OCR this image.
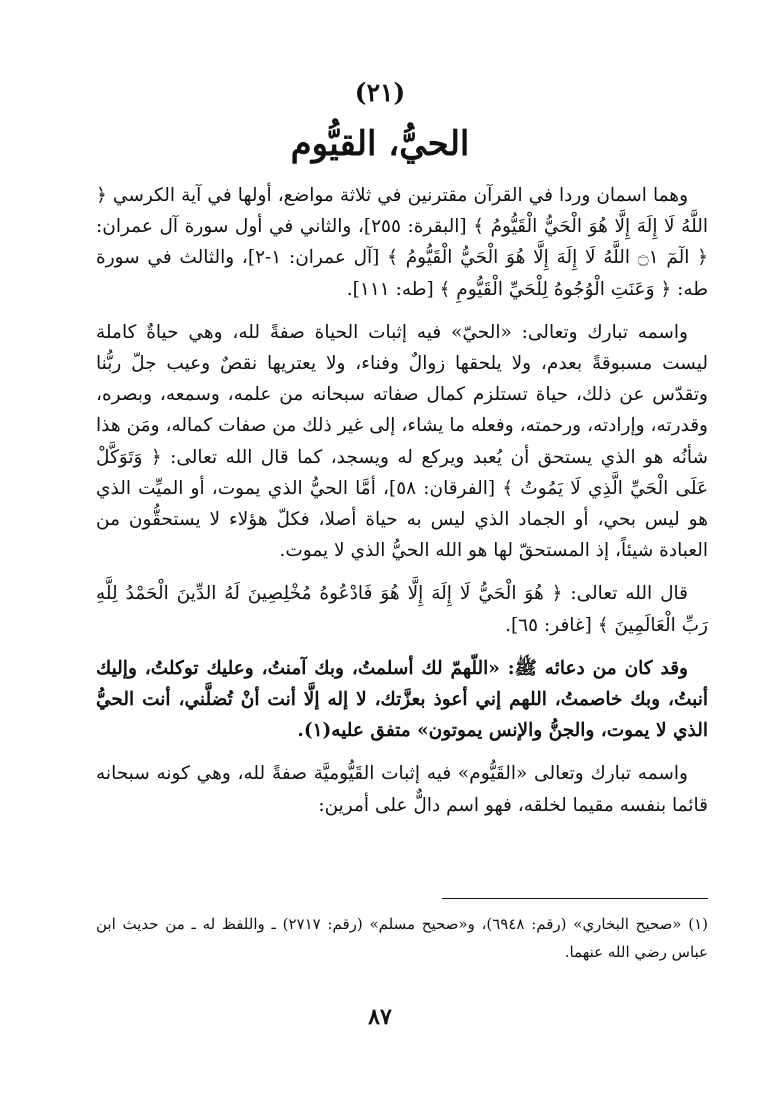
(٢١)
الحيُّ، القيُّوم

وهما اسمان وردا في القرآن مقترنين في ثلاثة مواضع، أولها في آية الكرسي ﴿ اللَّهُ لَا إِلَهَ إِلَّا هُوَ الْحَيُّ الْقَيُّومُ ﴾ [البقرة: ٢٥٥]، والثاني في أول سورة آل عمران: ﴿ الٓمٓ ۝١ اللَّهُ لَا إِلَهَ إِلَّا هُوَ الْحَيُّ الْقَيُّومُ ﴾ [آل عمران: ١-٢]، والثالث في سورة طه: ﴿ وَعَنَتِ الْوُجُوهُ لِلْحَيِّ الْقَيُّومِ ﴾ [طه: ١١١].

واسمه تبارك وتعالى: «الحيّ» فيه إثبات الحياة صفةً لله، وهي حياةٌ كاملة ليست مسبوقةً بعدم، ولا يلحقها زوالٌ وفناء، ولا يعتريها نقصٌ وعيب جلّ ربُّنا وتقدّس عن ذلك، حياة تستلزم كمال صفاته سبحانه من علمه، وسمعه، وبصره، وقدرته، وإرادته، ورحمته، وفعله ما يشاء، إلى غير ذلك من صفات كماله، ومَن هذا شأنُه هو الذي يستحق أن يُعبد ويركع له ويسجد، كما قال الله تعالى: ﴿ وَتَوَكَّلْ عَلَى الْحَيِّ الَّذِي لَا يَمُوتُ ﴾ [الفرقان: ٥٨]، أمَّا الحيُّ الذي يموت، أو الميِّت الذي هو ليس بحي، أو الجماد الذي ليس به حياة أصلا، فكلّ هؤلاء لا يستحقُّون من العبادة شيئاً، إذ المستحقّ لها هو الله الحيُّ الذي لا يموت.

قال الله تعالى: ﴿ هُوَ الْحَيُّ لَا إِلَهَ إِلَّا هُوَ فَادْعُوهُ مُخْلِصِينَ لَهُ الدِّينَ الْحَمْدُ لِلَّهِ رَبِّ الْعَالَمِينَ ﴾ [غافر: ٦٥].

وقد كان من دعائه ﷺ: «اللّهمّ لك أسلمتُ، وبك آمنتُ، وعليك توكلتُ، وإليك أنبتُ، وبك خاصمتُ، اللهم إني أعوذ بعزَّتك، لا إله إلَّا أنت أنْ تُضلَّني، أنت الحيُّ الذي لا يموت، والجنُّ والإنس يموتون» متفق عليه(١).

واسمه تبارك وتعالى «القَيُّوم» فيه إثبات القَيُّوميَّة صفةً لله، وهي كونه سبحانه قائما بنفسه مقيما لخلقه، فهو اسم دالٌّ على أمرين:

(١) «صحيح البخاري» (رقم: ٦٩٤٨)، و«صحيح مسلم» (رقم: ٢٧١٧) ـ واللفظ له ـ من حديث ابن عباس رضي الله عنهما.

٨٧
